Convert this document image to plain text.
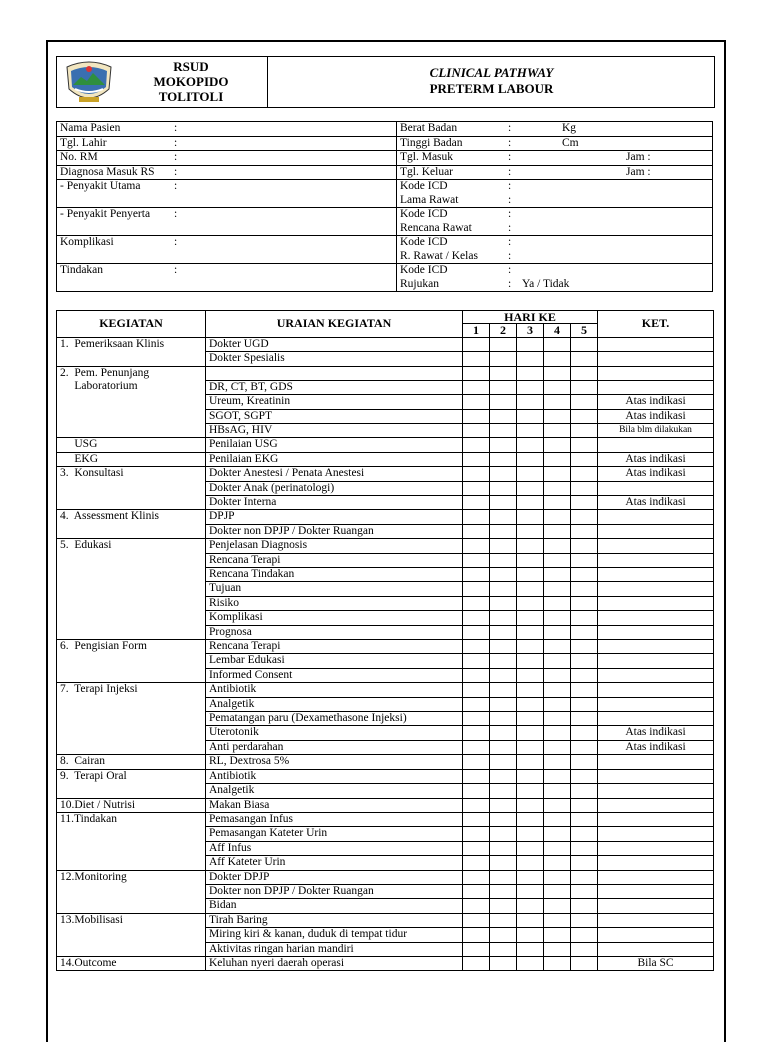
RSUD
MOKOPIDO
TOLITOLI
CLINICAL PATHWAY
PRETERM LABOUR
Nama Pasien :	Berat Badan : Kg
Tgl. Lahir :	Tinggi Badan : Cm
No. RM :	Tgl. Masuk : Jam :
Diagnosa Masuk RS :	Tgl. Keluar : Jam :
- Penyakit Utama :	Kode ICD :
Lama Rawat :

- Penyakit Penyerta :	Kode ICD :
Rencana Rawat :

Komplikasi :	Kode ICD :
R. Rawat / Kelas :

Tindakan :	Kode ICD :
Rujukan : Ya / Tidak
KEGIATAN	URAIAN KEGIATAN	HARI KE					KET.
		1	2	3	4	5	
1.  Pemeriksaan Klinis	Dokter UGD						
	Dokter Spesialis						
2.  Pem. Penunjang							
Laboratorium	DR, CT, BT, GDS						
	Ureum, Kreatinin						Atas indikasi
	SGOT, SGPT						Atas indikasi
	HBsAG, HIV						Bila blm dilakukan
USG	Penilaian USG						
EKG	Penilaian EKG						Atas indikasi
3.  Konsultasi	Dokter Anestesi / Penata Anestesi						Atas indikasi
	Dokter Anak (perinatologi)						
	Dokter Interna						Atas indikasi
4.  Assessment Klinis	DPJP						
	Dokter non DPJP / Dokter Ruangan						
5.  Edukasi	Penjelasan Diagnosis						
	Rencana Terapi						
	Rencana Tindakan						
	Tujuan						
	Risiko						
	Komplikasi						
	Prognosa						
6.  Pengisian Form	Rencana Terapi						
	Lembar Edukasi						
	Informed Consent						
7.  Terapi Injeksi	Antibiotik						
	Analgetik						
	Pematangan paru (Dexamethasone Injeksi)						
	Uterotonik						Atas indikasi
	Anti perdarahan						Atas indikasi
8.  Cairan	RL, Dextrosa 5%						
9.  Terapi Oral	Antibiotik						
	Analgetik						
10.Diet / Nutrisi	Makan Biasa						
11.Tindakan	Pemasangan Infus						
	Pemasangan Kateter Urin						
	Aff Infus						
	Aff Kateter Urin						
12.Monitoring	Dokter DPJP						
	Dokter non DPJP / Dokter Ruangan						
	Bidan						
13.Mobilisasi	Tirah Baring						
	Miring kiri & kanan, duduk di tempat tidur						
	Aktivitas ringan harian mandiri						
14.Outcome	Keluhan nyeri daerah operasi						Bila SC
